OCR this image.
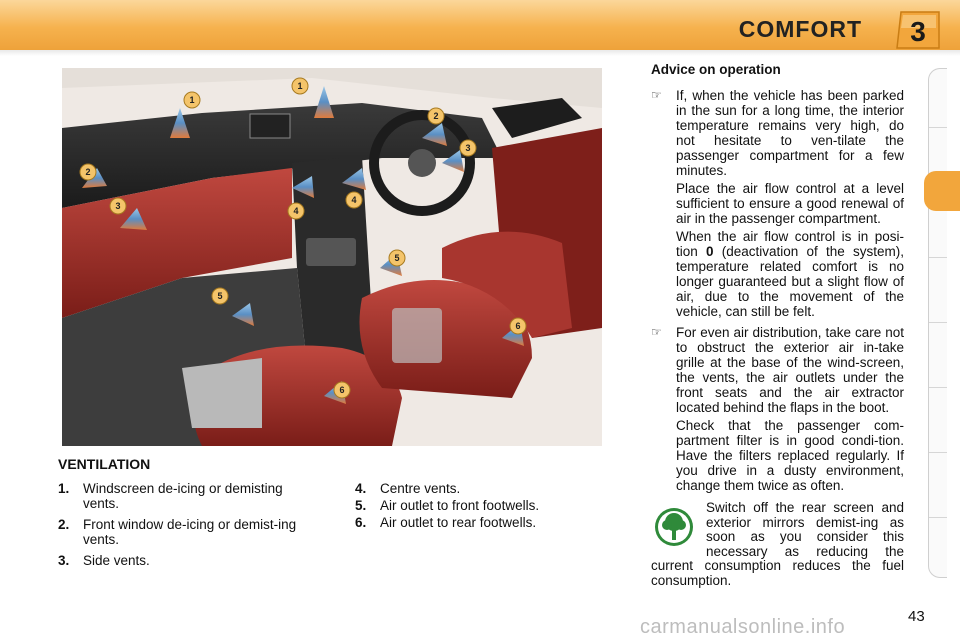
COMFORT 3
1
1
2
2
3
3
4
4
5
5
6
6
VENTILATION
1.	Windscreen de-icing or demisting vents.
2.	Front window de-icing or demist-ing vents.
3.	Side vents.
4.	Centre vents.
5.	Air outlet to front footwells.
6.	Air outlet to rear footwells.
Advice on operation
☞	If, when the vehicle has been parked in the sun for a long time, the interior temperature remains very high, do not hesitate to ven-tilate the passenger compartment for a few minutes.
Place the air flow control at a level sufficient to ensure a good renewal of air in the passenger compartment.
When the air flow control is in posi-tion 0 (deactivation of the system), temperature related comfort is no longer guaranteed but a slight flow of air, due to the movement of the vehicle, can still be felt.
☞	For even air distribution, take care not to obstruct the exterior air in-take grille at the base of the wind-screen, the vents, the air outlets under the front seats and the air extractor located behind the flaps in the boot.
Check that the passenger com-partment filter is in good condi-tion. Have the filters replaced regularly. If you drive in a dusty environment, change them twice as often.
Switch off the rear screen and exterior mirrors demist-ing as soon as you consider this necessary as reducing the current consumption reduces the fuel consumption.
43
carmanualsonline.info
